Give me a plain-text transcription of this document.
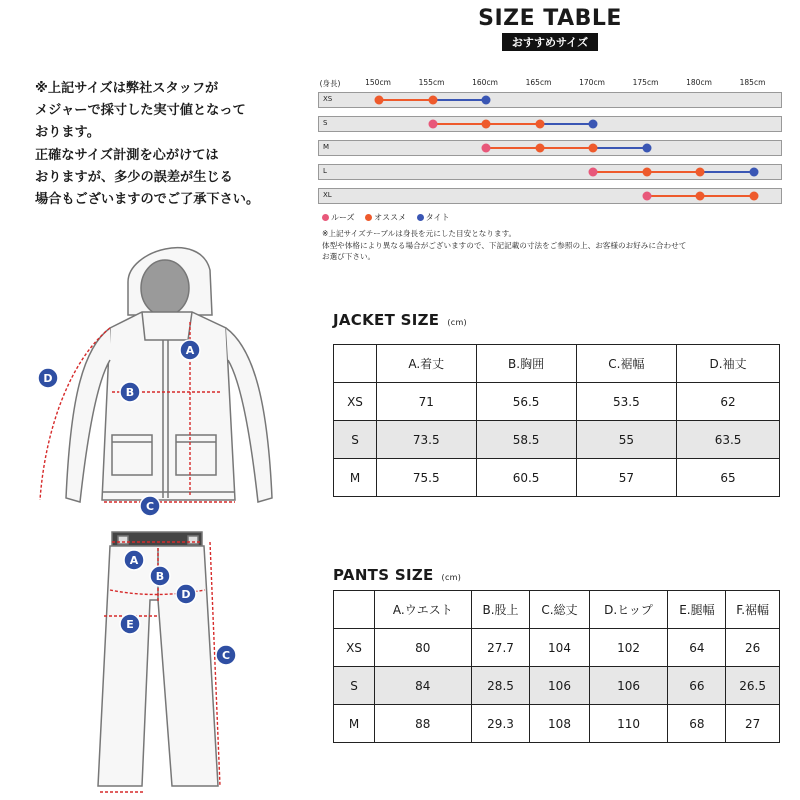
SIZE TABLE
おすすめサイズ
※上記サイズは弊社スタッフが
メジャーで採寸した実寸値となって
おります。
正確なサイズ計測を心がけては
おりますが、多少の誤差が生じる
場合もございますのでご了承下さい。
(身長)	150cm	155cm	160cm	165cm	170cm	175cm	180cm	185cm
XS
S
M
L
XL
ルーズ オススメ タイト
※上記サイズテーブルは身長を元にした目安となります。
体型や体格により異なる場合がございますので、下記記載の寸法をご参照の上、お客様のお好みに合わせて
お選び下さい。
JACKET SIZE (cm)
	A.着丈	B.胸囲	C.裾幅	D.袖丈
XS	71	56.5	53.5	62
S	73.5	58.5	55	63.5
M	75.5	60.5	57	65
PANTS SIZE (cm)
	A.ウエスト	B.股上	C.総丈	D.ヒップ	E.腿幅	F.裾幅
XS	80	27.7	104	102	64	26
S	84	28.5	106	106	66	26.5
M	88	29.3	108	110	68	27
A
B
C
D
A
B
C
D
E
